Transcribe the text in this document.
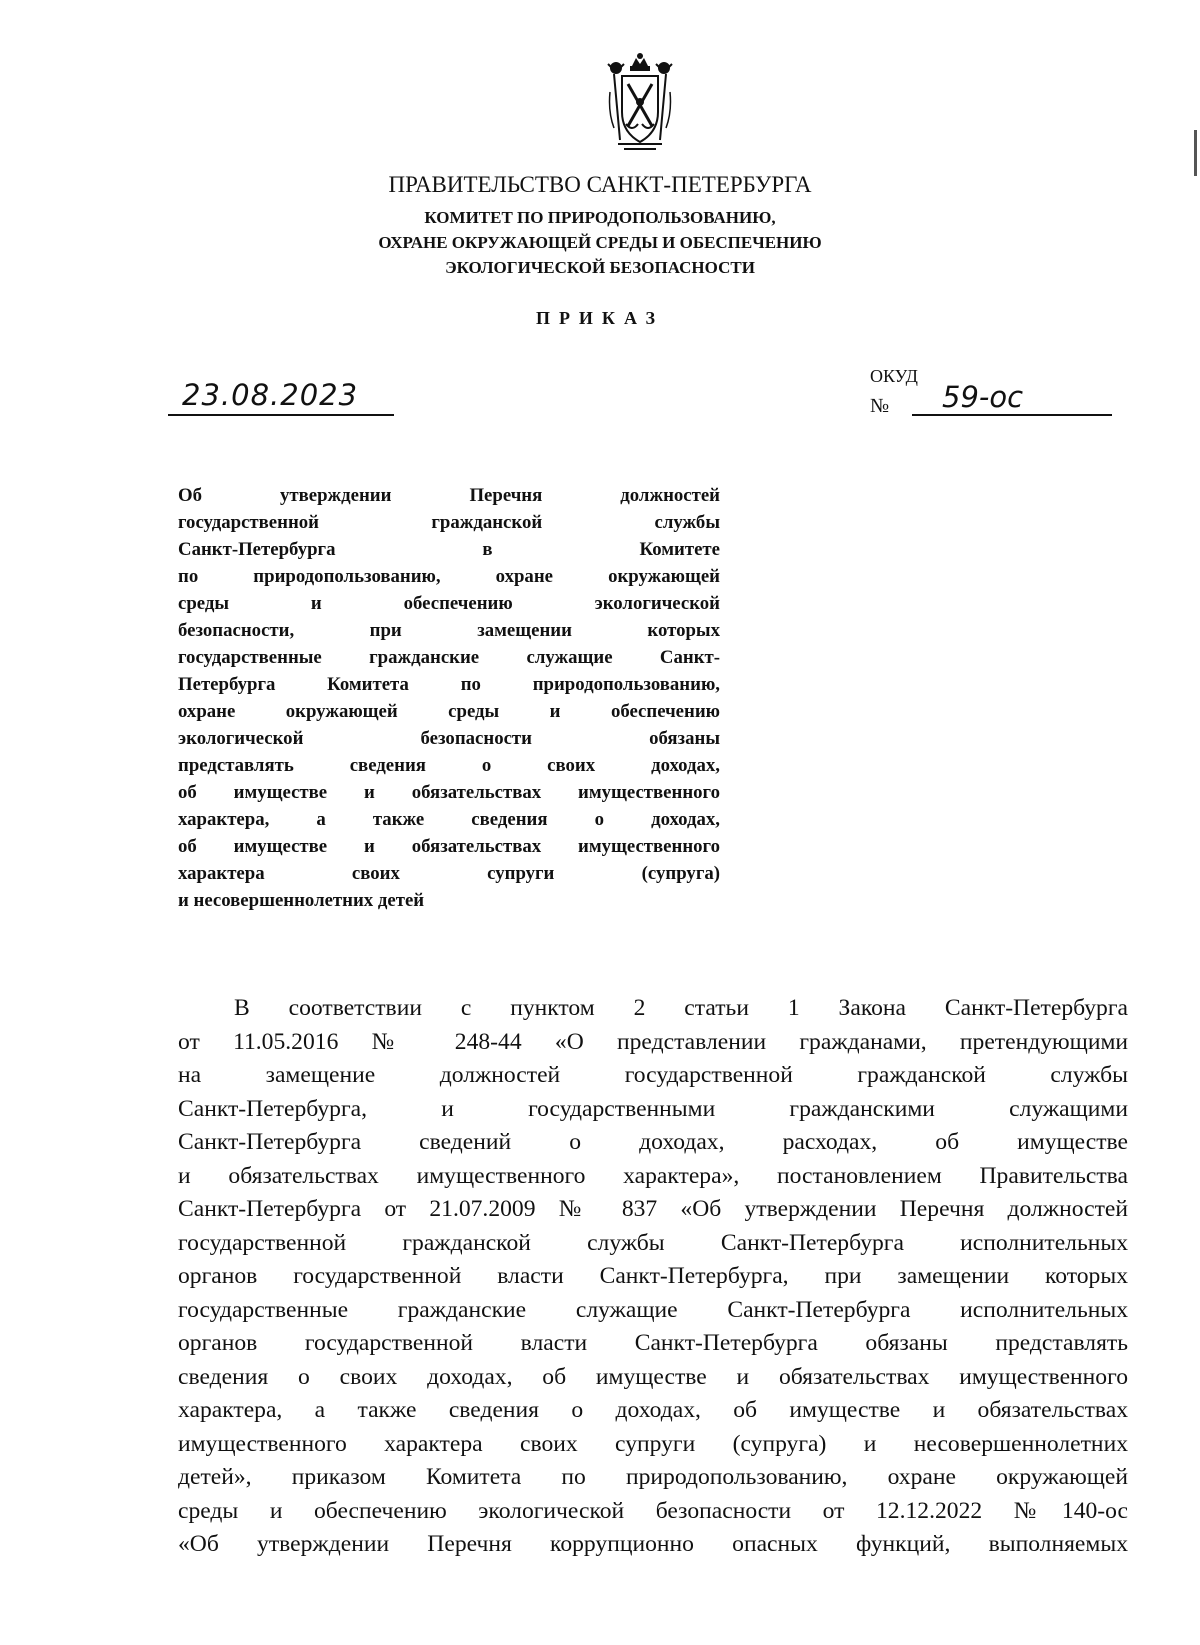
ПРАВИТЕЛЬСТВО САНКТ-ПЕТЕРБУРГА
КОМИТЕТ ПО ПРИРОДОПОЛЬЗОВАНИЮ,
ОХРАНЕ ОКРУЖАЮЩЕЙ СРЕДЫ И ОБЕСПЕЧЕНИЮ
ЭКОЛОГИЧЕСКОЙ БЕЗОПАСНОСТИ
ПРИКАЗ
23.08.2023
ОКУД
№ 59-ос
Об утверждении Перечня должностей
государственной гражданской службы
Санкт-Петербурга в Комитете
по природопользованию, охране окружающей
среды и обеспечению экологической
безопасности, при замещении которых
государственные гражданские служащие Санкт-
Петербурга Комитета по природопользованию,
охране окружающей среды и обеспечению
экологической безопасности обязаны
представлять сведения о своих доходах,
об имуществе и обязательствах имущественного
характера, а также сведения о доходах,
об имуществе и обязательствах имущественного
характера своих супруги (супруга)
и несовершеннолетних детей
В соответствии с пунктом 2 статьи 1 Закона Санкт-Петербурга
от 11.05.2016 № 248-44 «О представлении гражданами, претендующими
на замещение должностей государственной гражданской службы
Санкт-Петербурга, и государственными гражданскими служащими
Санкт-Петербурга сведений о доходах, расходах, об имуществе
и обязательствах имущественного характера», постановлением Правительства
Санкт-Петербурга от 21.07.2009 № 837 «Об утверждении Перечня должностей
государственной гражданской службы Санкт-Петербурга исполнительных
органов государственной власти Санкт-Петербурга, при замещении которых
государственные гражданские служащие Санкт-Петербурга исполнительных
органов государственной власти Санкт-Петербурга обязаны представлять
сведения о своих доходах, об имуществе и обязательствах имущественного
характера, а также сведения о доходах, об имуществе и обязательствах
имущественного характера своих супруги (супруга) и несовершеннолетних
детей», приказом Комитета по природопользованию, охране окружающей
среды и обеспечению экологической безопасности от 12.12.2022 №140-ос
«Об утверждении Перечня коррупционно опасных функций, выполняемых
